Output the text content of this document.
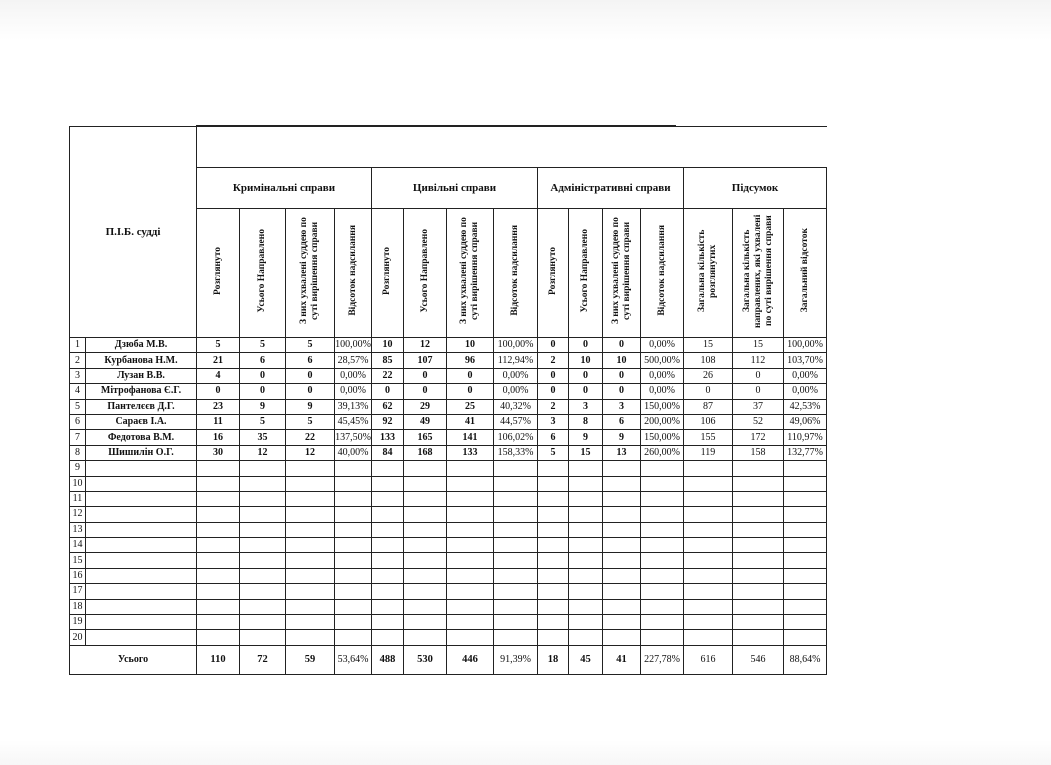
П.І.Б. судді																
		Кримінальні справи				Цивільні справи				Адміністративні справи				Підсумок		
		Розглянуто	Усього Направлено	З них ухвалені суддею по суті вирішення справи	Відсоток надсилання	Розглянуто	Усього Направлено	З них ухвалені суддею по суті вирішення справи	Відсоток надсилання	Розглянуто	Усього Направлено	З них ухвалені суддею по суті вирішення справи	Відсоток надсилання	Загальна кількість розглянутих	Загальна кількість направлених, які ухвалені по суті вирішення справи	Загальний відсоток
1	Дзюба М.В.	5	5	5	100,00%	10	12	10	100,00%	0	0	0	0,00%	15	15	100,00%
2	Курбанова Н.М.	21	6	6	28,57%	85	107	96	112,94%	2	10	10	500,00%	108	112	103,70%
3	Лузан В.В.	4	0	0	0,00%	22	0	0	0,00%	0	0	0	0,00%	26	0	0,00%
4	Мітрофанова Є.Г.	0	0	0	0,00%	0	0	0	0,00%	0	0	0	0,00%	0	0	0,00%
5	Пантелєєв Д.Г.	23	9	9	39,13%	62	29	25	40,32%	2	3	3	150,00%	87	37	42,53%
6	Сараєв І.А.	11	5	5	45,45%	92	49	41	44,57%	3	8	6	200,00%	106	52	49,06%
7	Федотова В.М.	16	35	22	137,50%	133	165	141	106,02%	6	9	9	150,00%	155	172	110,97%
8	Шишилін О.Г.	30	12	12	40,00%	84	168	133	158,33%	5	15	13	260,00%	119	158	132,77%
9																
10																
11																
12																
13																
14																
15																
16																
17																
18																
19																
20																
Усього		110	72	59	53,64%	488	530	446	91,39%	18	45	41	227,78%	616	546	88,64%
